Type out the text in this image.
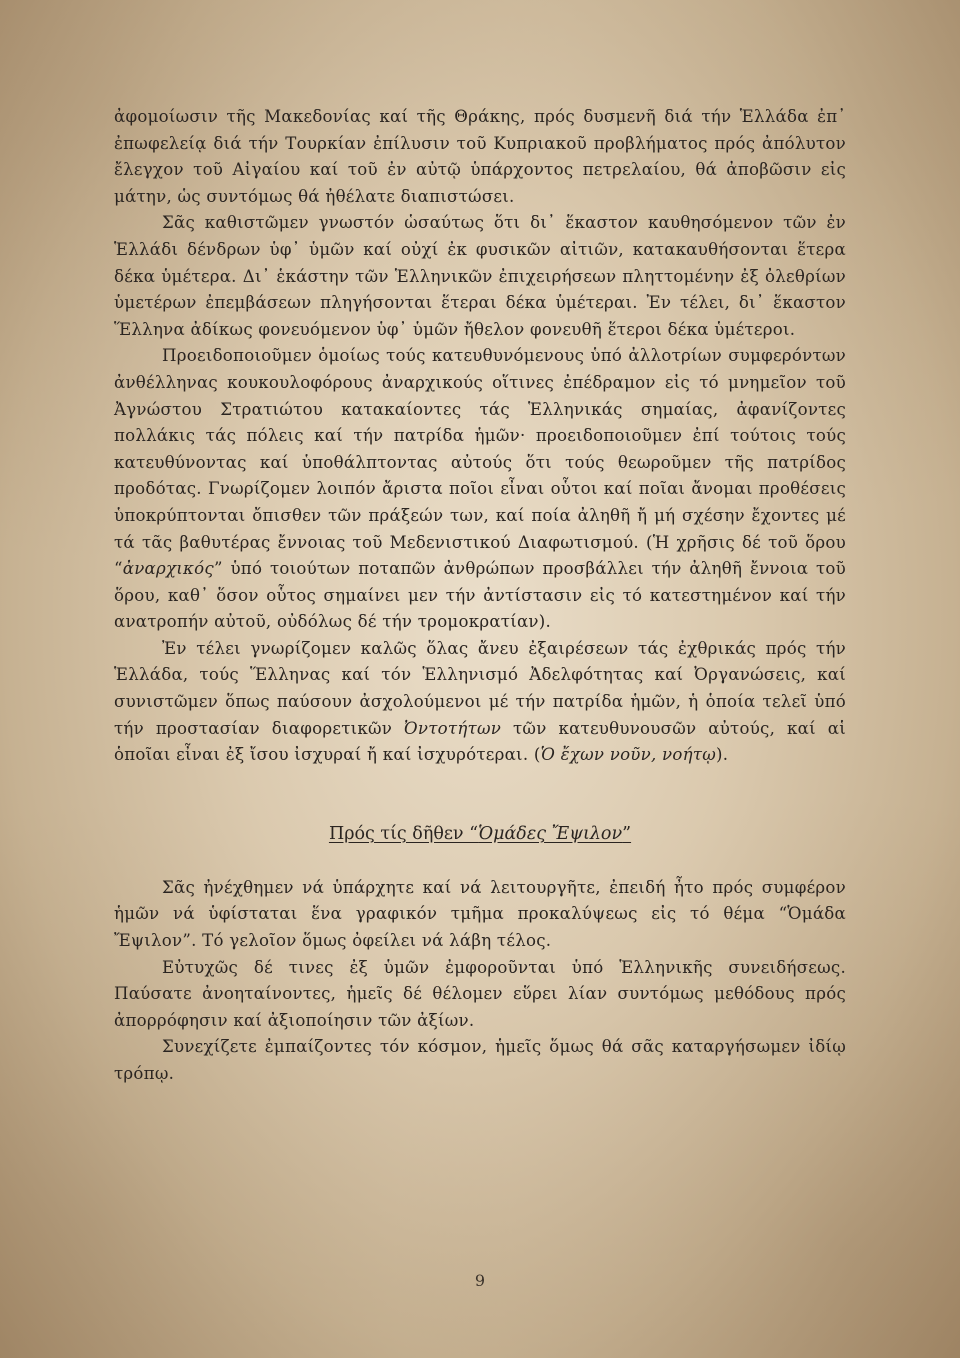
ἀφομοίωσιν τῆς Μακεδονίας καί τῆς Θράκης, πρός δυσμενῆ διά τήν Ἑλλάδα ἐπ᾿ ἐπωφελείᾳ διά τήν Τουρκίαν ἐπίλυσιν τοῦ Κυπριακοῦ προβλήματος πρός ἀπόλυτον ἔλεγχον τοῦ Αἰγαίου καί τοῦ ἐν αὐτῷ ὑπάρχοντος πετρελαίου, θά ἀποβῶσιν εἰς μάτην, ὡς συντόμως θά ἠθέλατε διαπιστώσει.

Σᾶς καθιστῶμεν γνωστόν ὡσαύτως ὅτι δι᾿ ἕκαστον καυθησόμενον τῶν ἐν Ἑλλάδι δένδρων ὑφ᾿ ὑμῶν καί οὐχί ἐκ φυσικῶν αἰτιῶν, κατακαυθήσονται ἕτερα δέκα ὑμέτερα. Δι᾿ ἑκάστην τῶν Ἑλληνικῶν ἐπιχειρήσεων πληττομένην ἐξ ὀλεθρίων ὑμετέρων ἐπεμβάσεων πληγήσονται ἕτεραι δέκα ὑμέτεραι. Ἐν τέλει, δι᾿ ἕκαστον Ἕλληνα ἀδίκως φονευόμενον ὑφ᾿ ὑμῶν ἤθελον φονευθῆ ἕτεροι δέκα ὑμέτεροι.

Προειδοποιοῦμεν ὁμοίως τούς κατευθυνόμενους ὑπό ἀλλοτρίων συμφερόντων ἀνθέλληνας κουκουλοφόρους ἀναρχικούς οἵτινες ἐπέδραμον εἰς τό μνημεῖον τοῦ Ἀγνώστου Στρατιώτου κατακαίοντες τάς Ἑλληνικάς σημαίας, ἀφανίζοντες πολλάκις τάς πόλεις καί τήν πατρίδα ἡμῶν· προειδοποιοῦμεν ἐπί τούτοις τούς κατευθύνοντας καί ὑποθάλπτοντας αὐτούς ὅτι τούς θεωροῦμεν τῆς πατρίδος προδότας. Γνωρίζομεν λοιπόν ἄριστα ποῖοι εἶναι οὗτοι καί ποῖαι ἄνομαι προθέσεις ὑποκρύπτονται ὄπισθεν τῶν πράξεών των, καί ποία ἀληθῆ ἤ μή σχέσην ἔχοντες μέ τά τᾶς βαθυτέρας ἔννοιας τοῦ Μεδενιστικού Διαφωτισμού. (Ἡ χρῆσις δέ τοῦ ὅρου “ἀναρχικός” ὑπό τοιούτων ποταπῶν ἀνθρώπων προσβάλλει τήν ἀληθῆ ἔννοια τοῦ ὅρου, καθ᾿ ὅσον οὗτος σημαίνει μεν τήν ἀντίστασιν εἰς τό κατεστημένον καί τήν ανατροπήν αὐτοῦ, οὐδόλως δέ τήν τρομοκρατίαν).

Ἐν τέλει γνωρίζομεν καλῶς ὅλας ἄνευ ἐξαιρέσεων τάς ἐχθρικάς πρός τήν Ἑλλάδα, τούς Ἕλληνας καί τόν Ἑλληνισμό Ἀδελφότητας καί Ὀργανώσεις, καί συνιστῶμεν ὅπως παύσουν ἀσχολούμενοι μέ τήν πατρίδα ἡμῶν, ἡ ὁποία τελεῖ ὑπό τήν προστασίαν διαφορετικῶν Ὀντοτήτων τῶν κατευθυνουσῶν αὐτούς, καί αἱ ὁποῖαι εἶναι ἐξ ἴσου ἰσχυραί ἤ καί ἰσχυρότεραι. (Ὁ ἔχων νοῦν, νοήτῳ).

Πρός τίς δῆθεν “Ὁμάδες Ἔψιλον”

Σᾶς ἠνέχθημεν νά ὑπάρχητε καί νά λειτουργῆτε, ἐπειδή ἦτο πρός συμφέρον ἡμῶν νά ὑφίσταται ἕνα γραφικόν τμῆμα προκαλύψεως εἰς τό θέμα “Ὁμάδα Ἔψιλον”. Τό γελοῖον ὅμως ὀφείλει νά λάβη τέλος.

Εὐτυχῶς δέ τινες ἐξ ὑμῶν ἐμφοροῦνται ὑπό Ἑλληνικῆς συνειδήσεως. Παύσατε ἀνοηταίνοντες, ἡμεῖς δέ θέλομεν εὕρει λίαν συντόμως μεθόδους πρός ἀπορρόφησιν καί ἀξιοποίησιν τῶν ἀξίων.

Συνεχίζετε ἐμπαίζοντες τόν κόσμον, ἡμεῖς ὅμως θά σᾶς καταργήσωμεν ἰδίῳ τρόπῳ.

9
